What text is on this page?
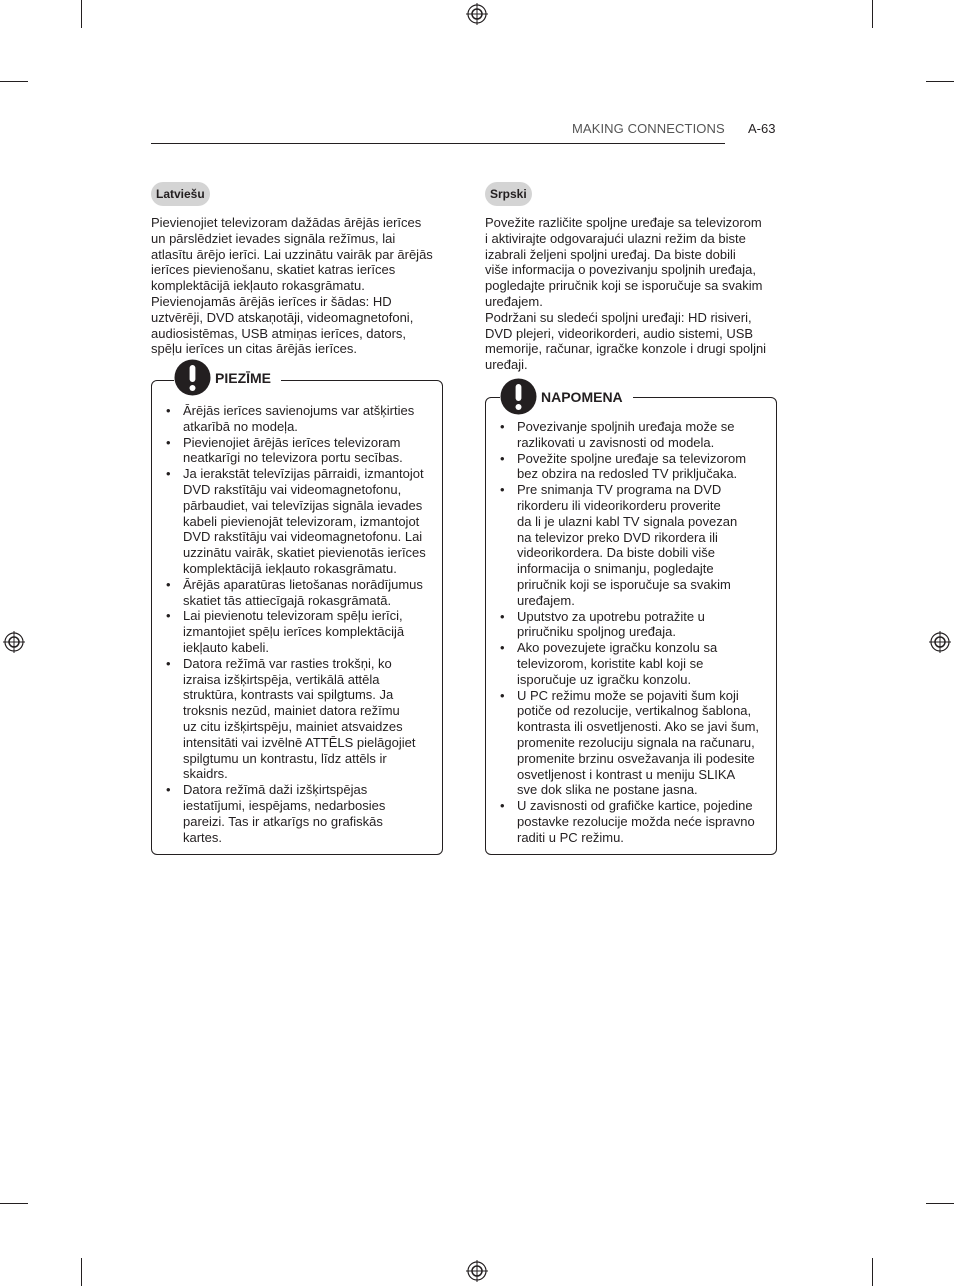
MAKING CONNECTIONS A-63
Latviešu

Pievienojiet televizoram dažādas ārējās ierīces
un pārslēdziet ievades signāla režīmus, lai
atlasītu ārējo ierīci. Lai uzzinātu vairāk par ārējās
ierīces pievienošanu, skatiet katras ierīces
komplektācijā iekļauto rokasgrāmatu.

Pievienojamās ārējās ierīces ir šādas: HD
uztvērēji, DVD atskaņotāji, videomagnetofoni,
audiosistēmas, USB atmiņas ierīces, dators,
spēļu ierīces un citas ārējās ierīces.

PIEZĪME
• Ārējās ierīces savienojums var atšķirties
atkarībā no modeļa.
• Pievienojiet ārējās ierīces televizoram
neatkarīgi no televizora portu secības.
• Ja ierakstāt televīzijas pārraidi, izmantojot
DVD rakstītāju vai videomagnetofonu,
pārbaudiet, vai televīzijas signāla ievades
kabeli pievienojāt televizoram, izmantojot
DVD rakstītāju vai videomagnetofonu. Lai
uzzinātu vairāk, skatiet pievienotās ierīces
komplektācijā iekļauto rokasgrāmatu.
• Ārējās aparatūras lietošanas norādījumus
skatiet tās attiecīgajā rokasgrāmatā.
• Lai pievienotu televizoram spēļu ierīci,
izmantojiet spēļu ierīces komplektācijā
iekļauto kabeli.
• Datora režīmā var rasties trokšņi, ko
izraisa izšķirtspēja, vertikālā attēla
struktūra, kontrasts vai spilgtums. Ja
troksnis nezūd, mainiet datora režīmu
uz citu izšķirtspēju, mainiet atsvaidzes
intensitāti vai izvēlnē ATTĒLS pielāgojiet
spilgtumu un kontrastu, līdz attēls ir
skaidrs.
• Datora režīmā daži izšķirtspējas
iestatījumi, iespējams, nedarbosies
pareizi. Tas ir atkarīgs no grafiskās
kartes.
Srpski

Povežite različite spoljne uređaje sa televizorom
i aktivirajte odgovarajući ulazni režim da biste
izabrali željeni spoljni uređaj. Da biste dobili
više informacija o povezivanju spoljnih uređaja,
pogledajte priručnik koji se isporučuje sa svakim
uređajem.

Podržani su sledeći spoljni uređaji: HD risiveri,
DVD plejeri, videorikorderi, audio sistemi, USB
memorije, računar, igračke konzole i drugi spoljni
uređaji.

NAPOMENA
• Povezivanje spoljnih uređaja može se
razlikovati u zavisnosti od modela.
• Povežite spoljne uređaje sa televizorom
bez obzira na redosled TV priključaka.
• Pre snimanja TV programa na DVD
rikorderu ili videorikorderu proverite
da li je ulazni kabl TV signala povezan
na televizor preko DVD rikordera ili
videorikordera. Da biste dobili više
informacija o snimanju, pogledajte
priručnik koji se isporučuje sa svakim
uređajem.
• Uputstvo za upotrebu potražite u
priručniku spoljnog uređaja.
• Ako povezujete igračku konzolu sa
televizorom, koristite kabl koji se
isporučuje uz igračku konzolu.
• U PC režimu može se pojaviti šum koji
potiče od rezolucije, vertikalnog šablona,
kontrasta ili osvetljenosti. Ako se javi šum,
promenite rezoluciju signala na računaru,
promenite brzinu osvežavanja ili podesite
osvetljenost i kontrast u meniju SLIKA
sve dok slika ne postane jasna.
• U zavisnosti od grafičke kartice, pojedine
postavke rezolucije možda neće ispravno
raditi u PC režimu.
